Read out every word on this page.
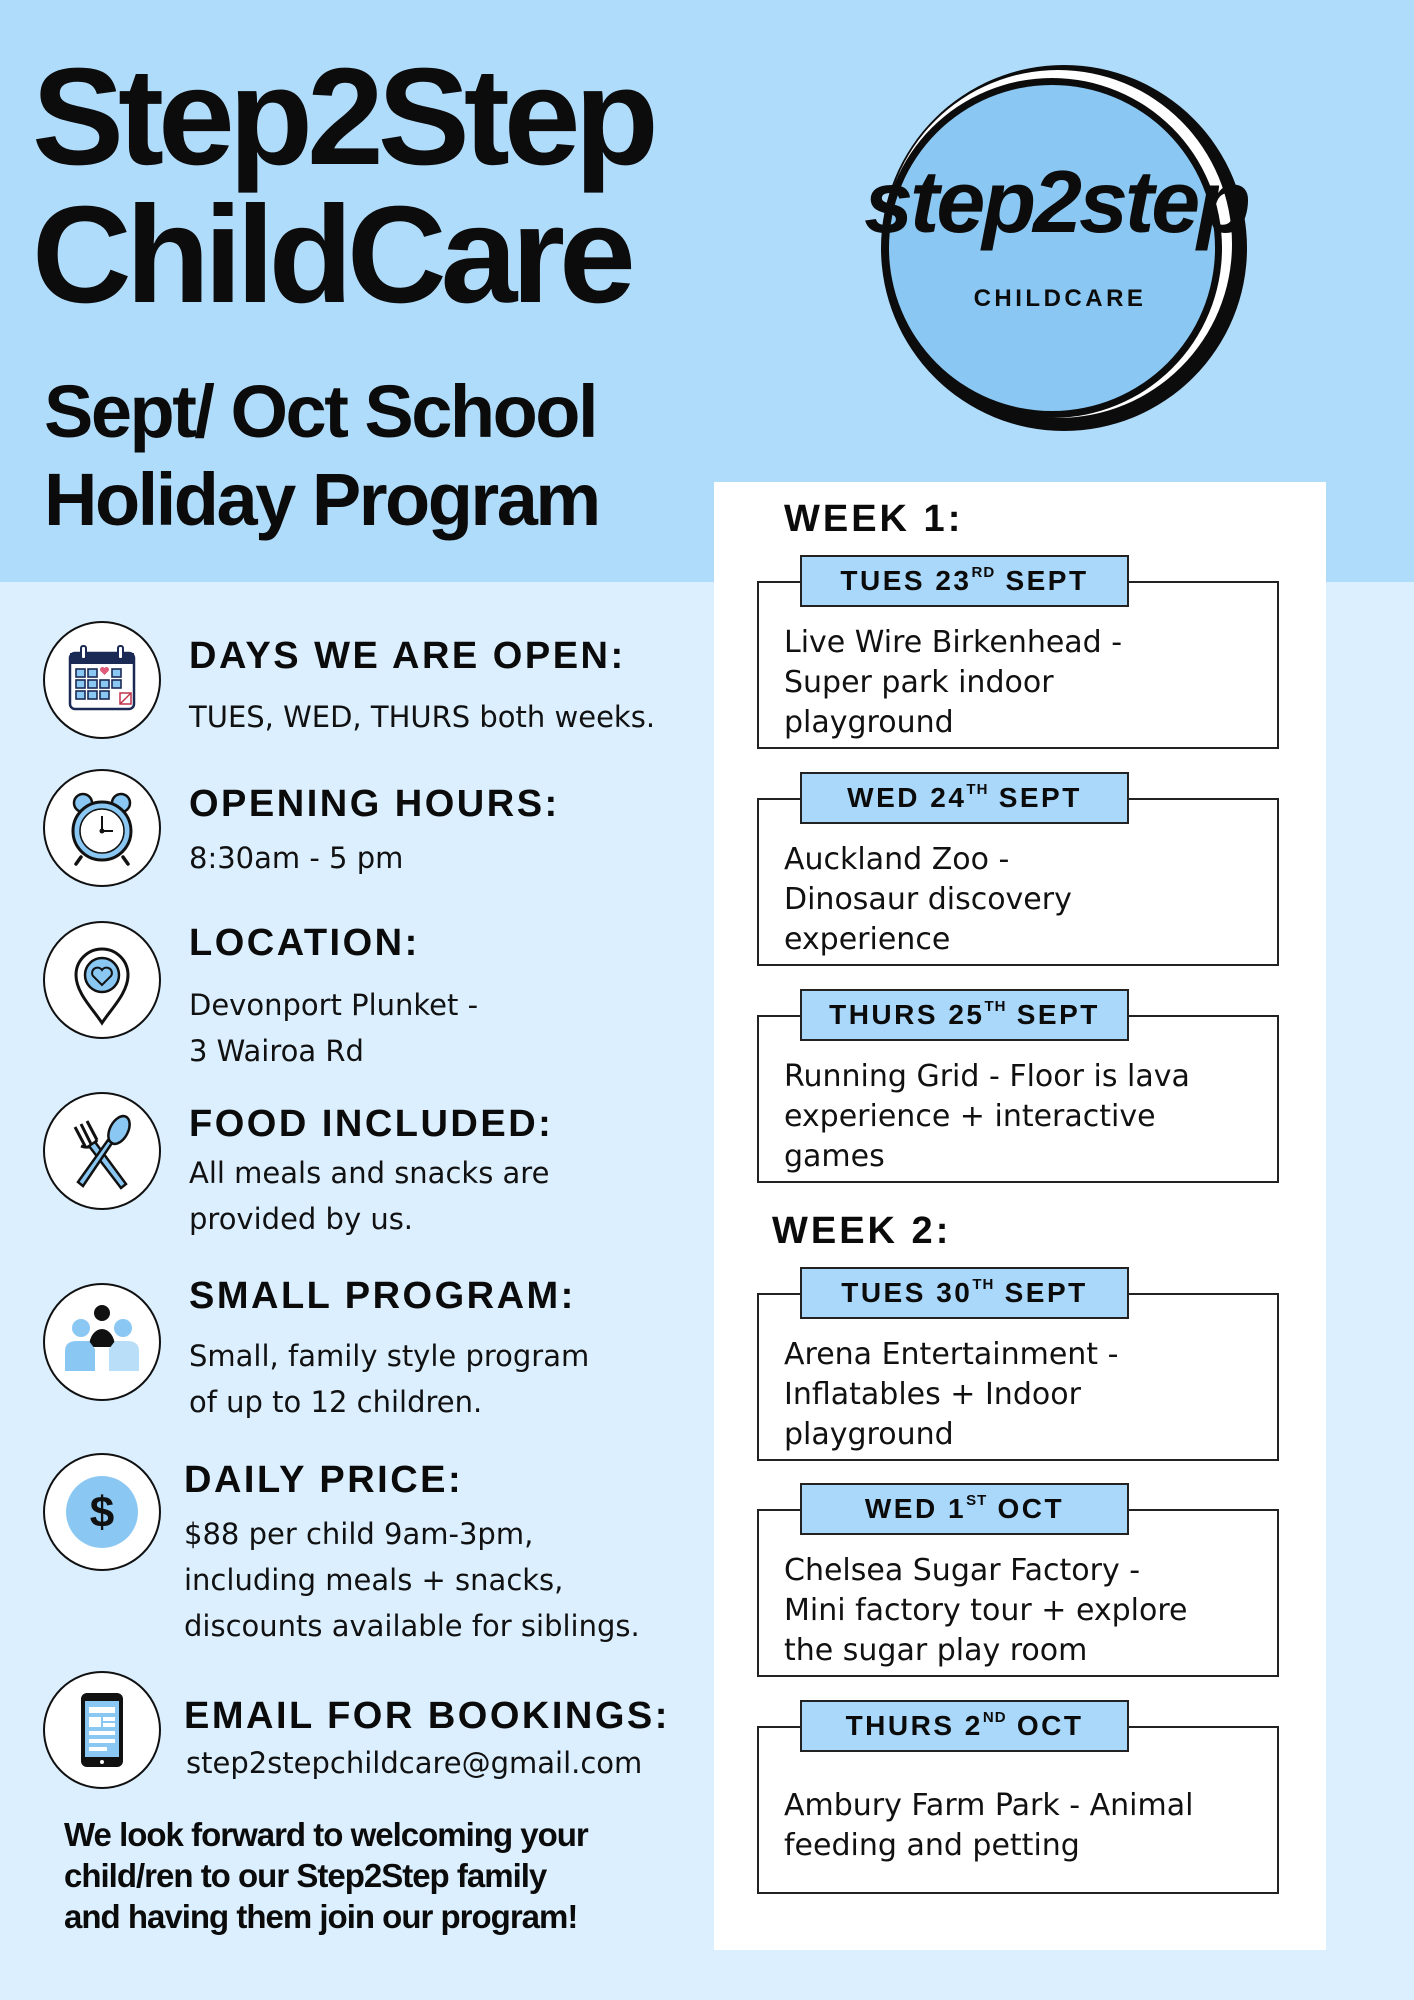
Step2Step
ChildCare
Sept/ Oct School
Holiday Program
step2step
CHILDCARE
DAYS WE ARE OPEN:
TUES, WED, THURS both weeks.
OPENING HOURS:
8:30am - 5 pm
LOCATION:
Devonport Plunket -
3 Wairoa Rd
FOOD INCLUDED:
All meals and snacks are
provided by us.
SMALL PROGRAM:
Small, family style program
of up to 12 children.
$
DAILY PRICE:
$88 per child 9am-3pm,
including meals + snacks,
discounts available for siblings.
EMAIL FOR BOOKINGS:
step2stepchildcare@gmail.com

We look forward to welcoming your
child/ren to our Step2Step family
and having them join our program!

WEEK 1:
TUES 23RD SEPT
Live Wire Birkenhead -
Super park indoor
playground
WED 24TH SEPT
Auckland Zoo -
Dinosaur discovery
experience
THURS 25TH SEPT
Running Grid - Floor is lava
experience + interactive
games
WEEK 2:
TUES 30TH SEPT
Arena Entertainment -
Inflatables + Indoor
playground
WED 1ST OCT
Chelsea Sugar Factory -
Mini factory tour + explore
the sugar play room
THURS 2ND OCT
Ambury Farm Park - Animal
feeding and petting
